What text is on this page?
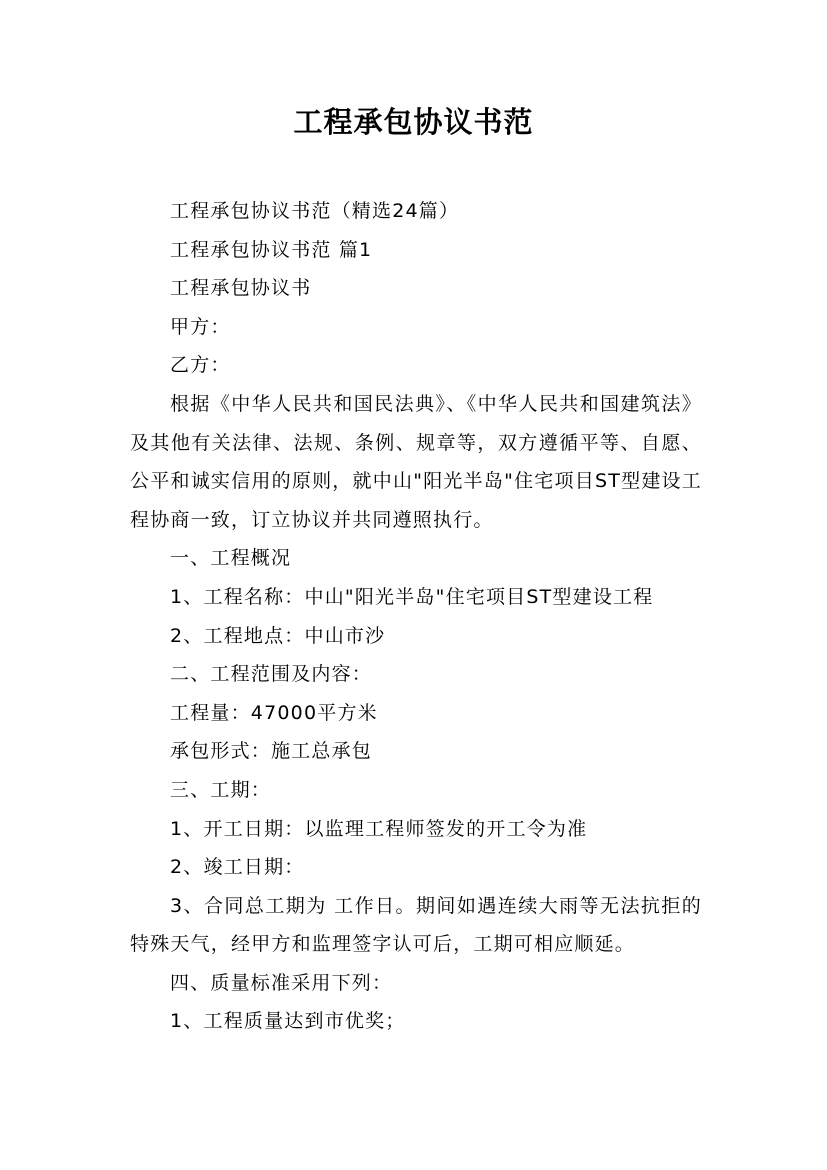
工程承包协议书范

工程承包协议书范（精选24篇）

工程承包协议书范 篇1

工程承包协议书

甲方：

乙方：

根据《中华人民共和国民法典》、《中华人民共和国建筑法》及其他有关法律、法规、条例、规章等，双方遵循平等、自愿、公平和诚实信用的原则，就中山"阳光半岛"住宅项目ST型建设工程协商一致，订立协议并共同遵照执行。

一、工程概况

1、工程名称：中山"阳光半岛"住宅项目ST型建设工程

2、工程地点：中山市沙

二、工程范围及内容：

工程量：47000平方米

承包形式：施工总承包

三、工期：

1、开工日期：以监理工程师签发的开工令为准

2、竣工日期：

3、合同总工期为 工作日。期间如遇连续大雨等无法抗拒的特殊天气，经甲方和监理签字认可后，工期可相应顺延。

四、质量标准采用下列：

1、工程质量达到市优奖；
